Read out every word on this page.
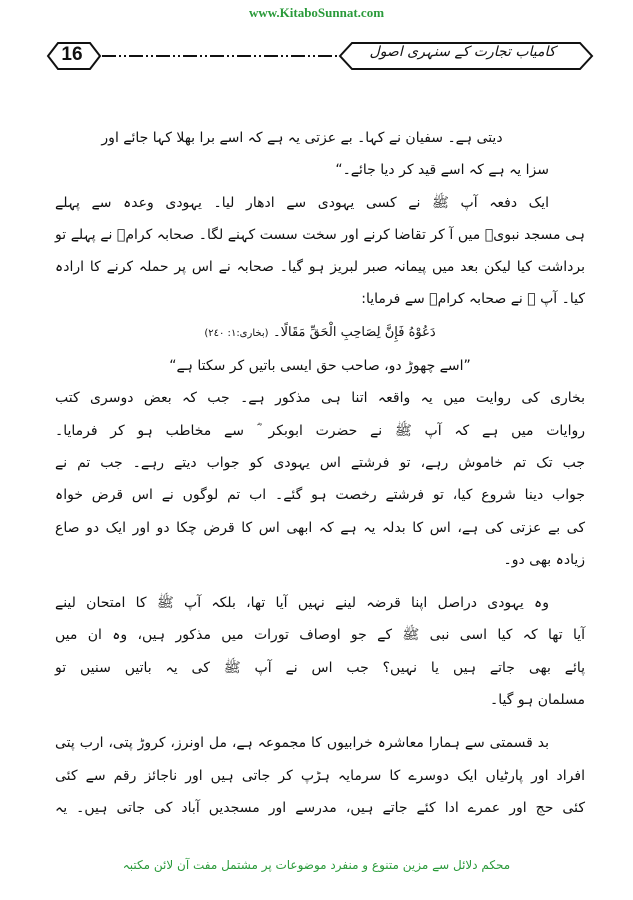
www.KitaboSunnat.com
16	کامیاب تجارت کے سنہری اصول
دیتی ہے۔ سفیان نے کہا۔ بے عزتی یہ ہے کہ اسے برا بھلا کہا جائے اور
سزا یہ ہے کہ اسے قید کر دیا جائے۔“
ایک دفعہ آپ ﷺ نے کسی یہودی سے ادھار لیا۔ یہودی وعدہ سے پہلے
ہی مسجد نبویؐ میں آ کر تقاضا کرنے اور سخت سست کہنے لگا۔ صحابہ کرامؓ نے پہلے تو
برداشت کیا لیکن بعد میں پیمانہ صبر لبریز ہو گیا۔ صحابہ نے اس پر حملہ کرنے کا ارادہ
کیا۔ آپ ﷺ نے صحابہ کرامؓ سے فرمایا:
دَعُوْهُ فَإِنَّ لِصَاحِبِ الْحَقِّ مَقَالًا۔ (بخاری:١: ٢٤٠)
”اسے چھوڑ دو، صاحب حق ایسی باتیں کر سکتا ہے“
بخاری کی روایت میں یہ واقعہ اتنا ہی مذکور ہے۔ جب کہ بعض دوسری کتب
روایات میں ہے کہ آپ ﷺ نے حضرت ابوبکر ؓ سے مخاطب ہو کر فرمایا۔
جب تک تم خاموش رہے، تو فرشتے اس یہودی کو جواب دیتے رہے۔ جب تم نے
جواب دینا شروع کیا، تو فرشتے رخصت ہو گئے۔ اب تم لوگوں نے اس قرض خواہ
کی بے عزتی کی ہے، اس کا بدلہ یہ ہے کہ ابھی اس کا قرض چکا دو اور ایک دو صاع
زیادہ بھی دو۔
وہ یہودی دراصل اپنا قرضہ لینے نہیں آیا تھا، بلکہ آپ ﷺ کا امتحان لینے
آیا تھا کہ کیا اسی نبی ﷺ کے جو اوصاف تورات میں مذکور ہیں، وہ ان میں
پائے بھی جاتے ہیں یا نہیں؟ جب اس نے آپ ﷺ کی یہ باتیں سنیں تو
مسلمان ہو گیا۔
بد قسمتی سے ہمارا معاشرہ خرابیوں کا مجموعہ ہے، مل اونرز، کروڑ پتی، ارب پتی
افراد اور پارٹیاں ایک دوسرے کا سرمایہ ہڑپ کر جاتی ہیں اور ناجائز رقم سے کئی
کئی حج اور عمرے ادا کئے جاتے ہیں، مدرسے اور مسجدیں آباد کی جاتی ہیں۔ یہ
محکم دلائل سے مزین متنوع و منفرد موضوعات پر مشتمل مفت آن لائن مکتبہ
